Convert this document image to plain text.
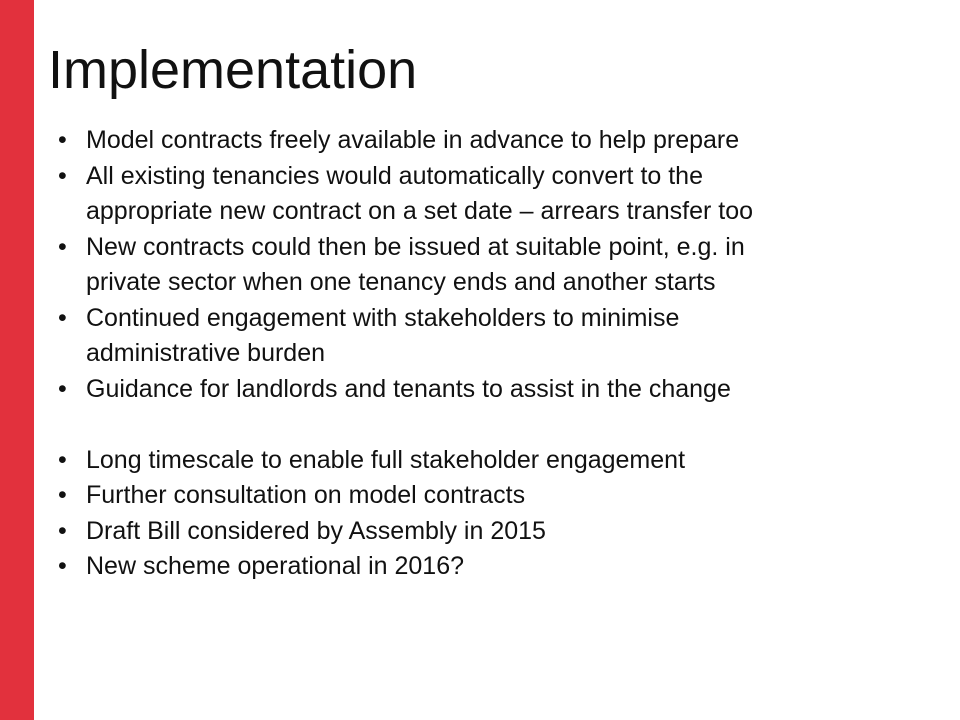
Implementation
• Model contracts freely available in advance to help prepare
• All existing tenancies would automatically convert to the
appropriate new contract on a set date – arrears transfer too
• New contracts could then be issued at suitable point, e.g. in
private sector when one tenancy ends and another starts
• Continued engagement with stakeholders to minimise
administrative burden
• Guidance for landlords and tenants to assist in the change
• Long timescale to enable full stakeholder engagement
• Further consultation on model contracts
• Draft Bill considered by Assembly in 2015
• New scheme operational in 2016?
